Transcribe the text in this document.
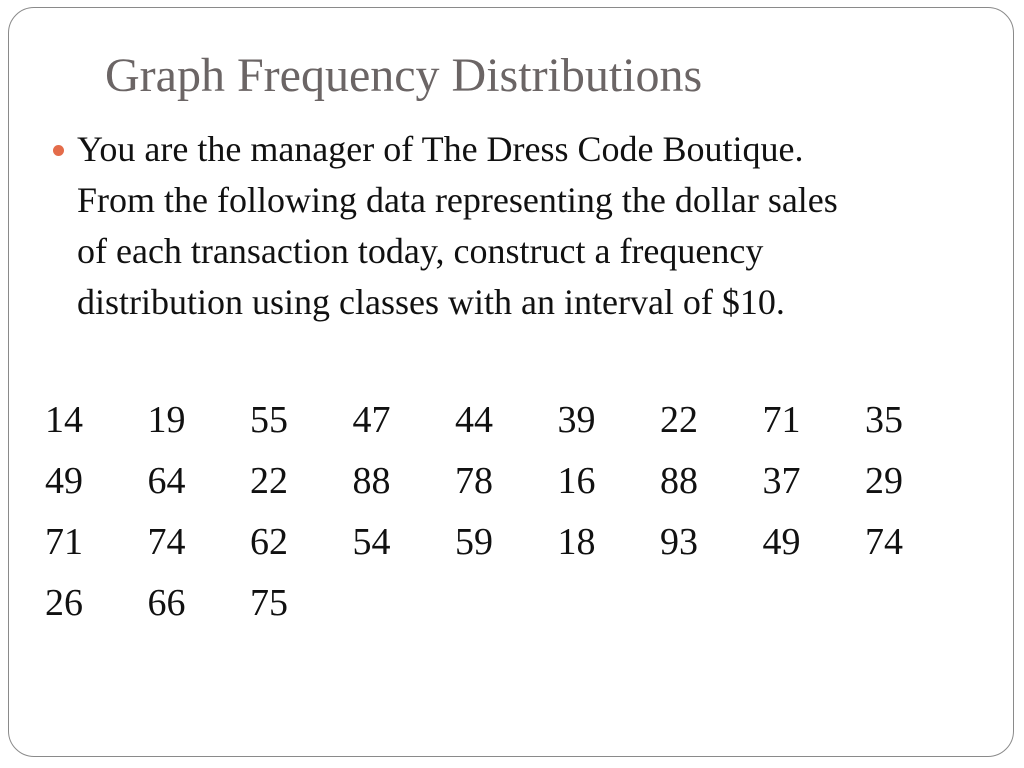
Graph Frequency Distributions
You are the manager of The Dress Code Boutique.
From the following data representing the dollar sales
of each transaction today, construct a frequency
distribution using classes with an interval of $10.
14	19	55	47	44	39	22	71	35
49	64	22	88	78	16	88	37	29
71	74	62	54	59	18	93	49	74
26	66	75
